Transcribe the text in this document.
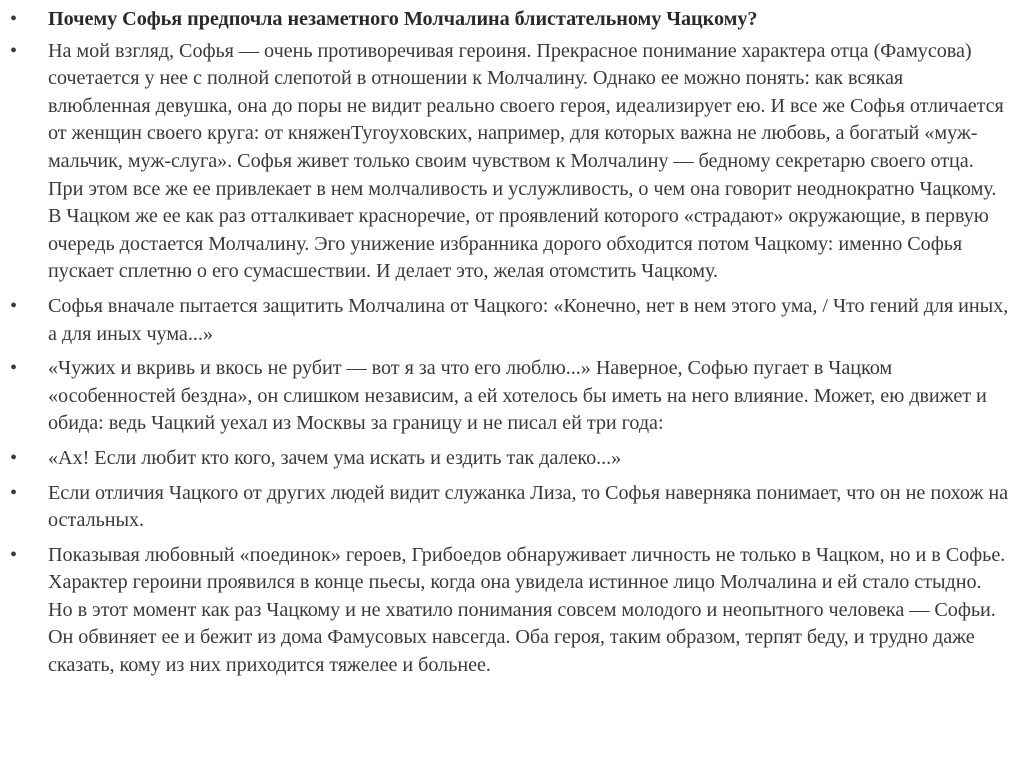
•	Почему Софья предпочла незаметного Молчалина блистательному Чацкому?
•	На мой взгляд, Софья — очень противоречивая героиня. Прекрасное понимание характера отца (Фамусова) сочетается у нее с полной слепотой в отношении к Молчалину. Однако ее можно понять: как всякая влюбленная девушка, она до поры не видит реально своего героя, идеализирует ею. И все же Софья отличается от женщин своего круга: от княженТугоуховских, например, для которых важна не любовь, а богатый «муж-мальчик, муж-слуга». Софья живет только своим чувством к Молчалину — бедному секретарю своего отца. При этом все же ее привлекает в нем молчаливость и услужливость, о чем она говорит неоднократно Чацкому. В Чацком же ее как раз отталкивает красноречие, от проявлений которого «страдают» окружающие, в первую очередь достается Молчалину. Эго унижение избранника дорого обходится потом Чацкому: именно Софья пускает сплетню о его сумасшествии. И делает это, желая отомстить Чацкому.
•	Софья вначале пытается защитить Молчалина от Чацкого: «Конечно, нет в нем этого ума, / Что гений для иных, а для иных чума...»
•	«Чужих и вкривь и вкось не рубит — вот я за что его люблю...» Наверное, Софью пугает в Чацком «особенностей бездна», он слишком независим, а ей хотелось бы иметь на него влияние. Может, ею движет и обида: ведь Чацкий уехал из Москвы за границу и не писал ей три года:
•	«Ах! Если любит кто кого, зачем ума искать и ездить так далеко...»
•	Если отличия Чацкого от других людей видит служанка Лиза, то Софья наверняка понимает, что он не похож на остальных.
•	Показывая любовный «поединок» героев, Грибоедов обнаруживает личность не только в Чацком, но и в Софье. Характер героини проявился в конце пьесы, когда она увидела истинное лицо Молчалина и ей стало стыдно. Но в этот момент как раз Чацкому и не хватило понимания совсем молодого и неопытного человека — Софьи. Он обвиняет ее и бежит из дома Фамусовых навсегда. Оба героя, таким образом, терпят беду, и трудно даже сказать, кому из них приходится тяжелее и больнее.
